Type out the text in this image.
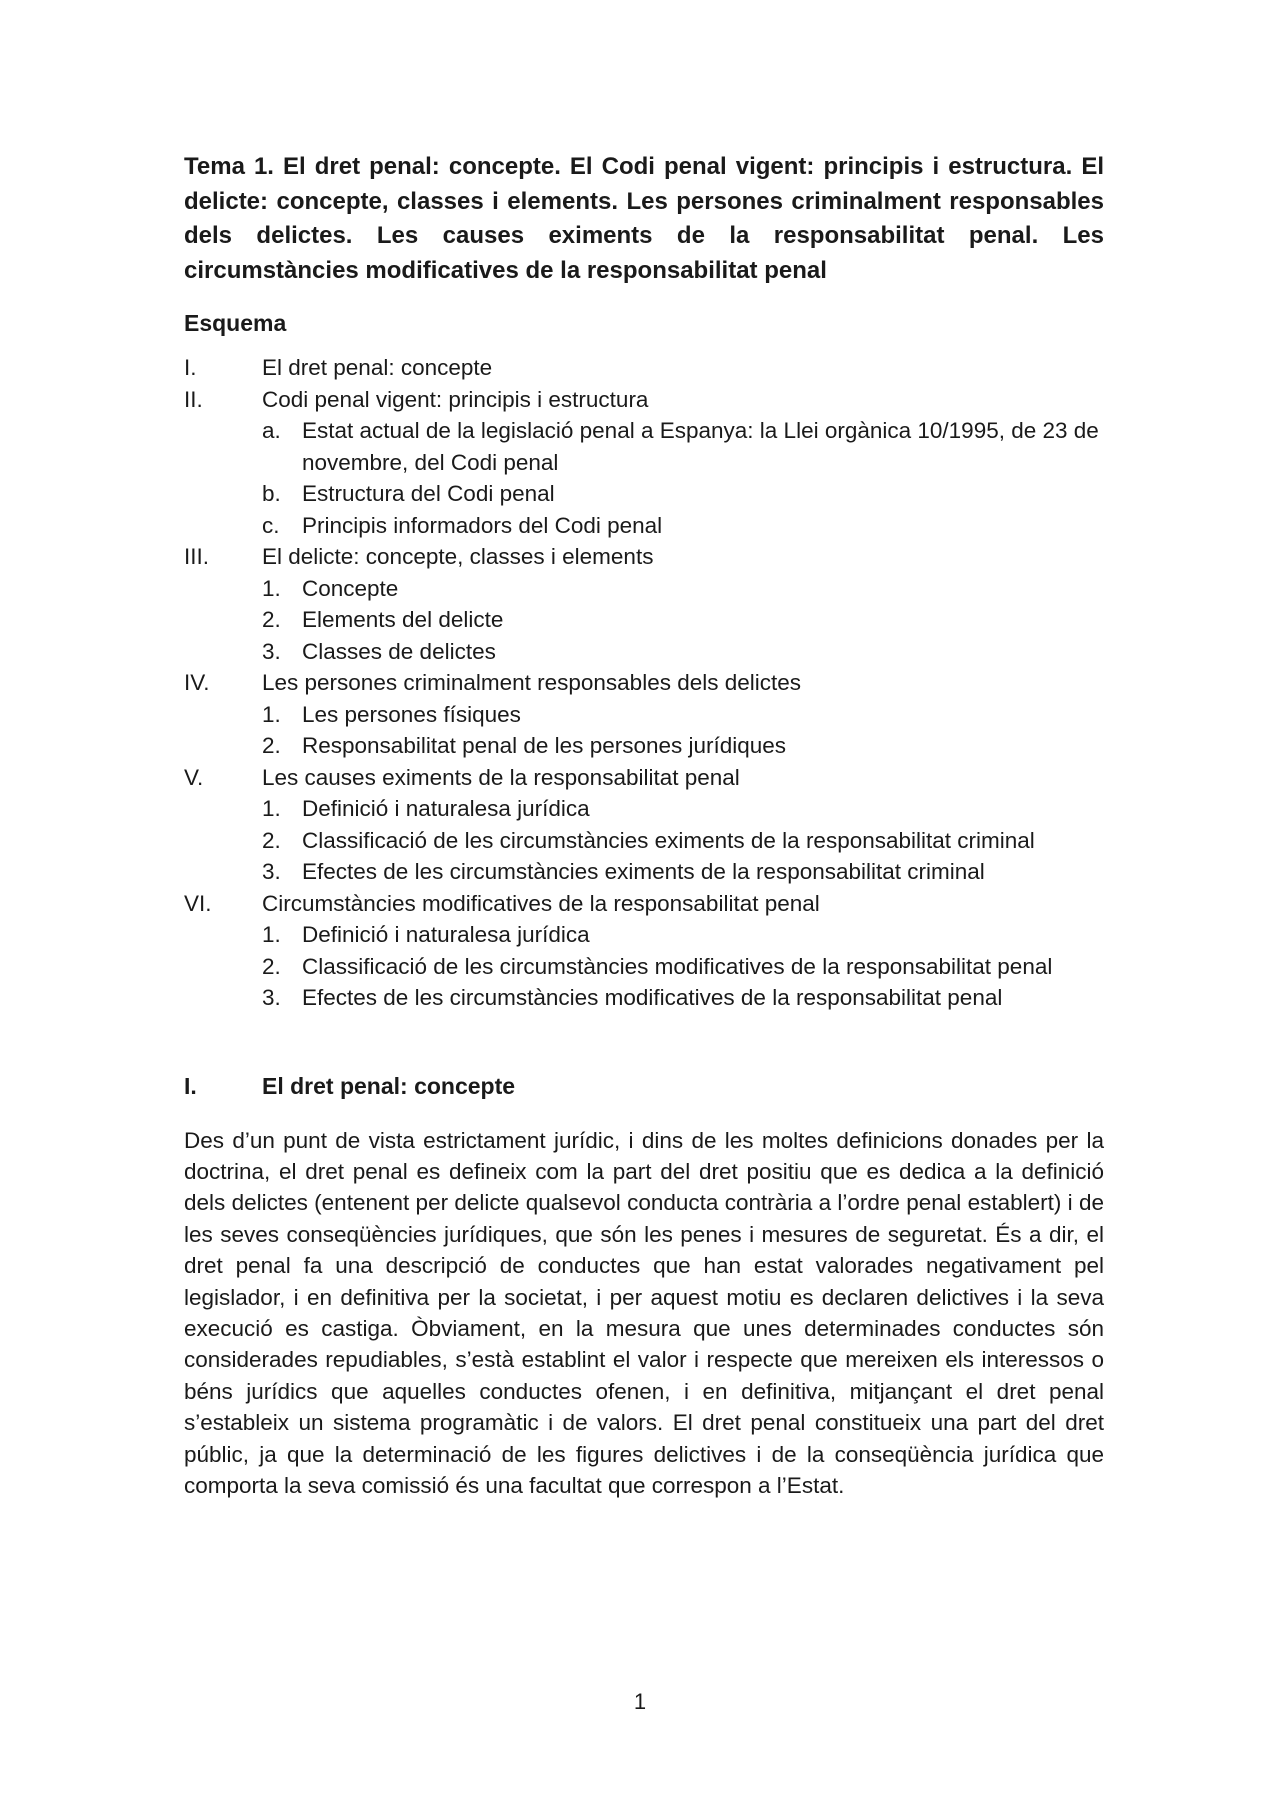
Tema 1. El dret penal: concepte. El Codi penal vigent: principis i estructura. El delicte: concepte, classes i elements. Les persones criminalment responsables dels delictes. Les causes eximents de la responsabilitat penal. Les circumstàncies modificatives de la responsabilitat penal

Esquema
I.	El dret penal: concepte
II.	Codi penal vigent: principis i estructura
a. Estat actual de la legislació penal a Espanya: la Llei orgànica 10/1995, de 23 de novembre, del Codi penal
b. Estructura del Codi penal
c. Principis informadors del Codi penal
III.	El delicte: concepte, classes i elements
1. Concepte
2. Elements del delicte
3. Classes de delictes
IV.	Les persones criminalment responsables dels delictes
1. Les persones físiques
2. Responsabilitat penal de les persones jurídiques
V.	Les causes eximents de la responsabilitat penal
1. Definició i naturalesa jurídica
2. Classificació de les circumstàncies eximents de la responsabilitat criminal
3. Efectes de les circumstàncies eximents de la responsabilitat criminal
VI.	Circumstàncies modificatives de la responsabilitat penal
1. Definició i naturalesa jurídica
2. Classificació de les circumstàncies modificatives de la responsabilitat penal
3. Efectes de les circumstàncies modificatives de la responsabilitat penal
I.	El dret penal: concepte

Des d’un punt de vista estrictament jurídic, i dins de les moltes definicions donades per la doctrina, el dret penal es defineix com la part del dret positiu que es dedica a la definició dels delictes (entenent per delicte qualsevol conducta contrària a l’ordre penal establert) i de les seves conseqüències jurídiques, que són les penes i mesures de seguretat. És a dir, el dret penal fa una descripció de conductes que han estat valorades negativament pel legislador, i en definitiva per la societat, i per aquest motiu es declaren delictives i la seva execució es castiga. Òbviament, en la mesura que unes determinades conductes són considerades repudiables, s’està establint el valor i respecte que mereixen els interessos o béns jurídics que aquelles conductes ofenen, i en definitiva, mitjançant el dret penal s’estableix un sistema programàtic i de valors. El dret penal constitueix una part del dret públic, ja que la determinació de les figures delictives i de la conseqüència jurídica que comporta la seva comissió és una facultat que correspon a l’Estat.

1
